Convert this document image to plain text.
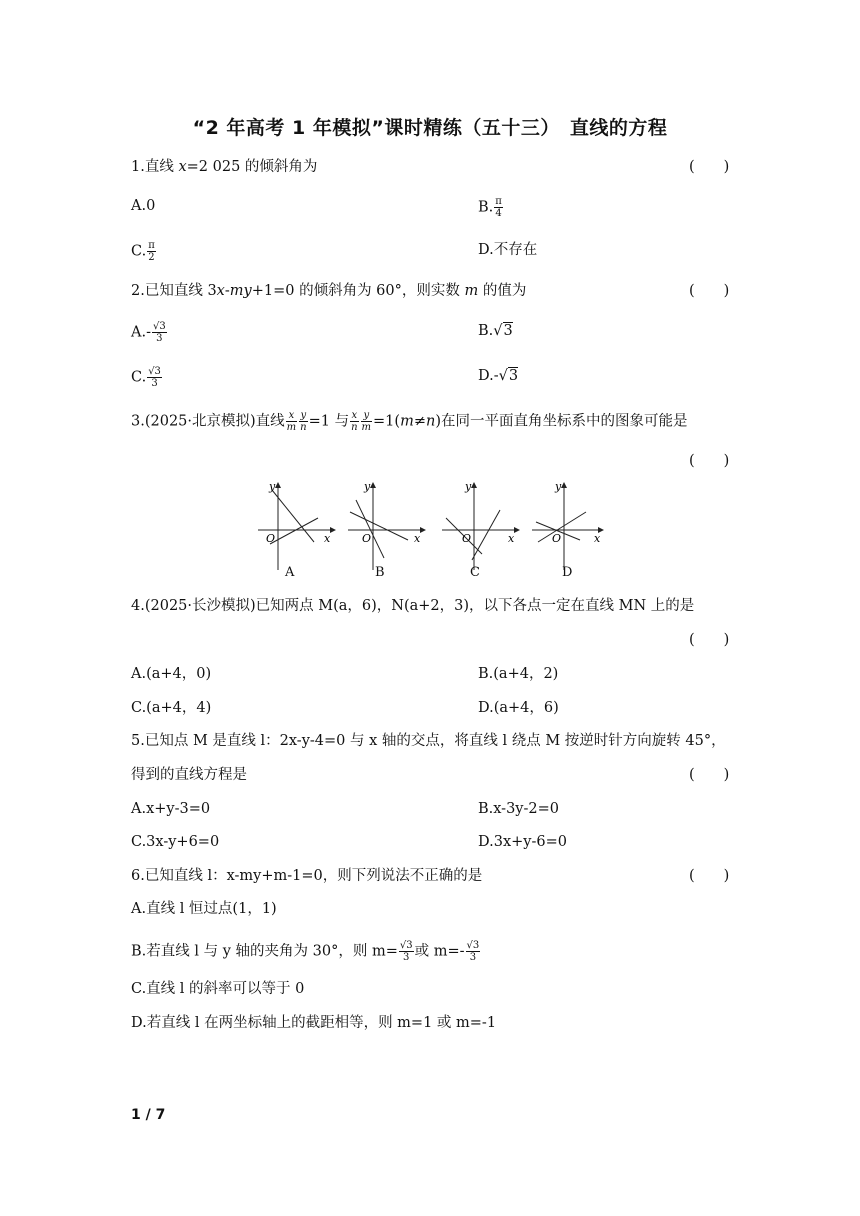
“2 年高考 1 年模拟”课时精练（五十三）　直线的方程
1.直线 x=2 025 的倾斜角为	(　　)
A.0	B. $\frac{\pi}{4}$
C. $\frac{\pi}{2}$	D.不存在
2.已知直线 3x-my+1=0 的倾斜角为 60°，则实数 m 的值为	(　　)
$A.- \frac{√3}{3}$	B.√3
C. $\frac{√3}{3}$	D.-√3
3.(2025·北京模拟)直线 $\frac{x}{m} \frac{y}{n} =1$ 与 $\frac{x}{n} \frac{y}{m} =1(m\ne n)$在同一平面直角坐标系中的图象可能是
(　　)
y
x
O
y
x
O
y
x
O
y
x
O
A	B	C	D
4.(2025·长沙模拟)已知两点 M(a，6)，N(a+2，3)，以下各点一定在直线 MN 上的是
(　　)
A.(a+4，0)	B.(a+4，2)
C.(a+4，4)	D.(a+4，6)
5.已知点 M 是直线 l：2x-y-4=0 与 x 轴的交点，将直线 l 绕点 M 按逆时针方向旋转 45°，
得到的直线方程是	(　　)
A.x+y-3=0	B.x-3y-2=0
C.3x-y+6=0	D.3x+y-6=0
6.已知直线 l：x-my+m-1=0，则下列说法不正确的是	(　　)
A.直线 l 恒过点(1，1)
B.若直线 l 与 y 轴的夹角为 30°，则 $m= \frac{√3}{3}$ 或 $m=- \frac{√3}{3}$
C.直线 l 的斜率可以等于 0
D.若直线 l 在两坐标轴上的截距相等，则 m=1 或 m=-1
1 / 7
